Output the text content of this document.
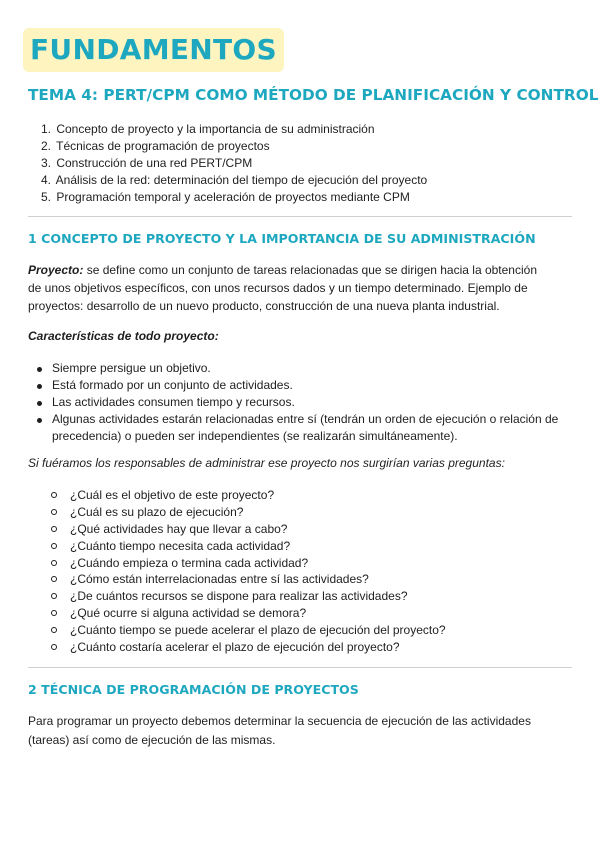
FUNDAMENTOS
TEMA 4: PERT/CPM COMO MÉTODO DE PLANIFICACIÓN Y CONTROL
1. Concepto de proyecto y la importancia de su administración
2. Técnicas de programación de proyectos
3. Construcción de una red PERT/CPM
4. Análisis de la red: determinación del tiempo de ejecución del proyecto
5. Programación temporal y aceleración de proyectos mediante CPM
1 CONCEPTO DE PROYECTO Y LA IMPORTANCIA DE SU ADMINISTRACIÓN

Proyecto: se define como un conjunto de tareas relacionadas que se dirigen hacia la obtención

de unos objetivos específicos, con unos recursos dados y un tiempo determinado. Ejemplo de

proyectos: desarrollo de un nuevo producto, construcción de una nueva planta industrial.

Características de todo proyecto:
Siempre persigue un objetivo.
Está formado por un conjunto de actividades.
Las actividades consumen tiempo y recursos.
Algunas actividades estarán relacionadas entre sí (tendrán un orden de ejecución o relación de precedencia) o pueden ser independientes (se realizarán simultáneamente).
Si fuéramos los responsables de administrar ese proyecto nos surgirían varias preguntas:
¿Cuál es el objetivo de este proyecto?
¿Cuál es su plazo de ejecución?
¿Qué actividades hay que llevar a cabo?
¿Cuánto tiempo necesita cada actividad?
¿Cuándo empieza o termina cada actividad?
¿Cómo están interrelacionadas entre sí las actividades?
¿De cuántos recursos se dispone para realizar las actividades?
¿Qué ocurre si alguna actividad se demora?
¿Cuánto tiempo se puede acelerar el plazo de ejecución del proyecto?
¿Cuánto costaría acelerar el plazo de ejecución del proyecto?
2 TÉCNICA DE PROGRAMACIÓN DE PROYECTOS

Para programar un proyecto debemos determinar la secuencia de ejecución de las actividades

(tareas) así como de ejecución de las mismas.
